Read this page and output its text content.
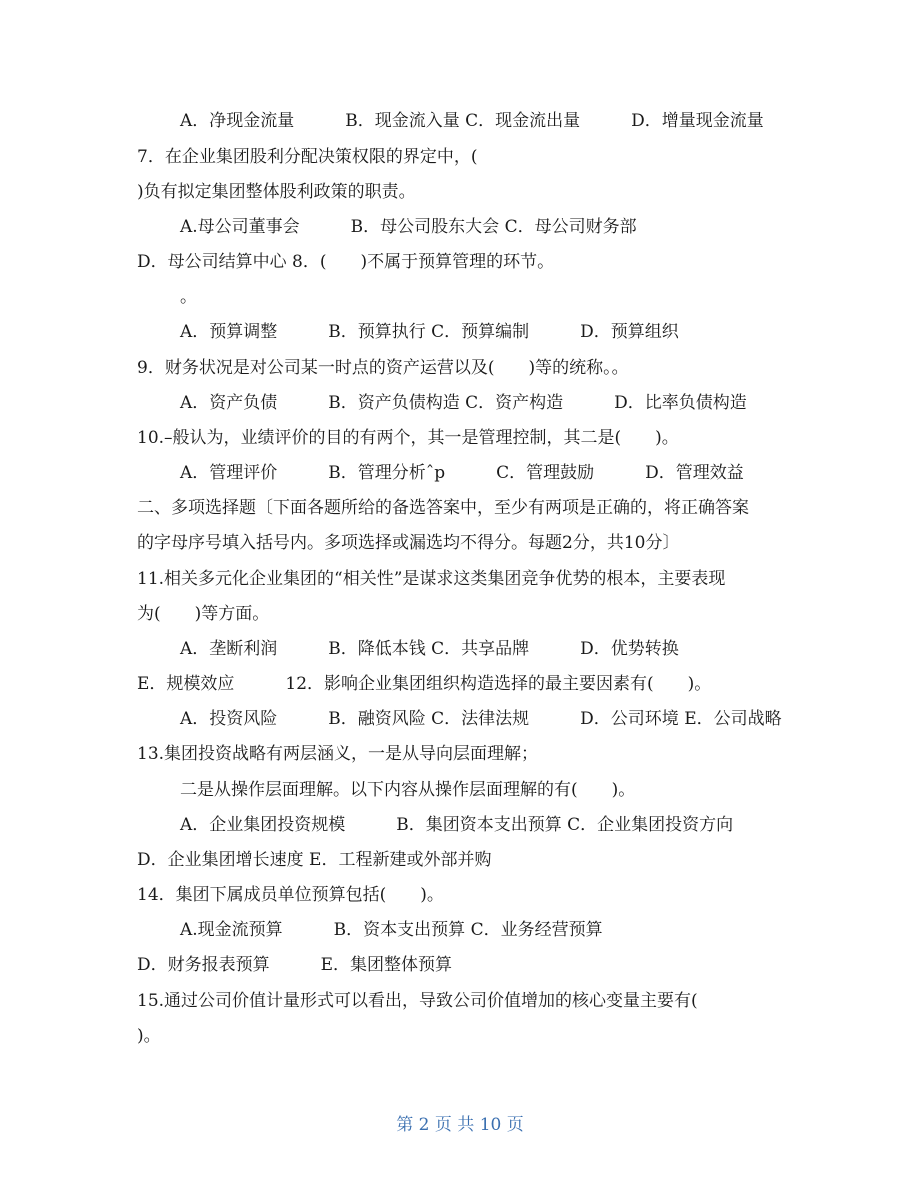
A．净现金流量　　　B．现金流入量 C．现金流出量　　　D．增量现金流量
7．在企业集团股利分配决策权限的界定中，(
)负有拟定集团整体股利政策的职责。
A.母公司董事会　　　B．母公司股东大会 C．母公司财务部
D．母公司结算中心 8．(　　)不属于预算管理的环节。
。
A．预算调整　　　B．预算执行 C．预算编制　　　D．预算组织
9．财务状况是对公司某一时点的资产运营以及(　　)等的统称。。
A．资产负债　　　B．资产负债构造 C．资产构造　　　D．比率负债构造
10.–般认为，业绩评价的目的有两个，其一是管理控制，其二是(　　)。
A．管理评价　　　B．管理分析ˆp　　　C．管理鼓励　　　D．管理效益
二、多项选择题〔下面各题所给的备选答案中，至少有两项是正确的，将正确答案
的字母序号填入括号内。多项选择或漏选均不得分。每题2分，共10分〕
11.相关多元化企业集团的“相关性”是谋求这类集团竞争优势的根本，主要表现
为(　　)等方面。
A．垄断利润　　　B．降低本钱 C．共享品牌　　　D．优势转换
E．规模效应　　　12．影响企业集团组织构造选择的最主要因素有(　　)。
A．投资风险　　　B．融资风险 C．法律法规　　　D．公司环境 E．公司战略
13.集团投资战略有两层涵义，一是从导向层面理解；
二是从操作层面理解。以下内容从操作层面理解的有(　　)。
A．企业集团投资规模　　　B．集团资本支出预算 C．企业集团投资方向
D．企业集团增长速度 E．工程新建或外部并购
14．集团下属成员单位预算包括(　　)。
A.现金流预算　　　B．资本支出预算 C．业务经营预算
D．财务报表预算　　　E．集团整体预算
15.通过公司价值计量形式可以看出，导致公司价值增加的核心变量主要有(
)。
第 2 页 共 10 页
